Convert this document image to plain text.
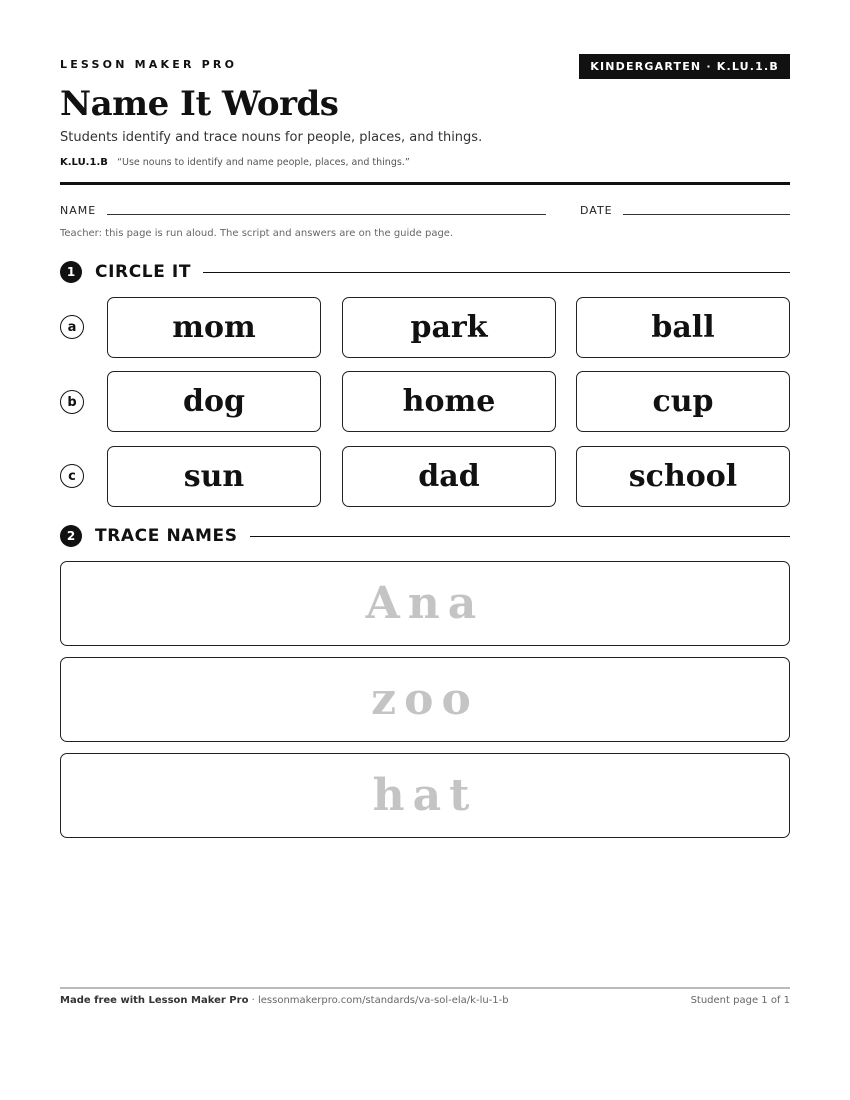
LESSON MAKER PRO	KINDERGARTEN · K.LU.1.B
Name It Words
Students identify and trace nouns for people, places, and things.
K.LU.1.B “Use nouns to identify and name people, places, and things.”
NAME	DATE
Teacher: this page is run aloud. The script and answers are on the guide page.
1	CIRCLE IT
a	mom	park	ball
b	dog	home	cup
c	sun	dad	school
2	TRACE NAMES
Ana
zoo
hat
Made free with Lesson Maker Pro · lessonmakerpro.com/standards/va-sol-ela/k-lu-1-b	Student page 1 of 1
